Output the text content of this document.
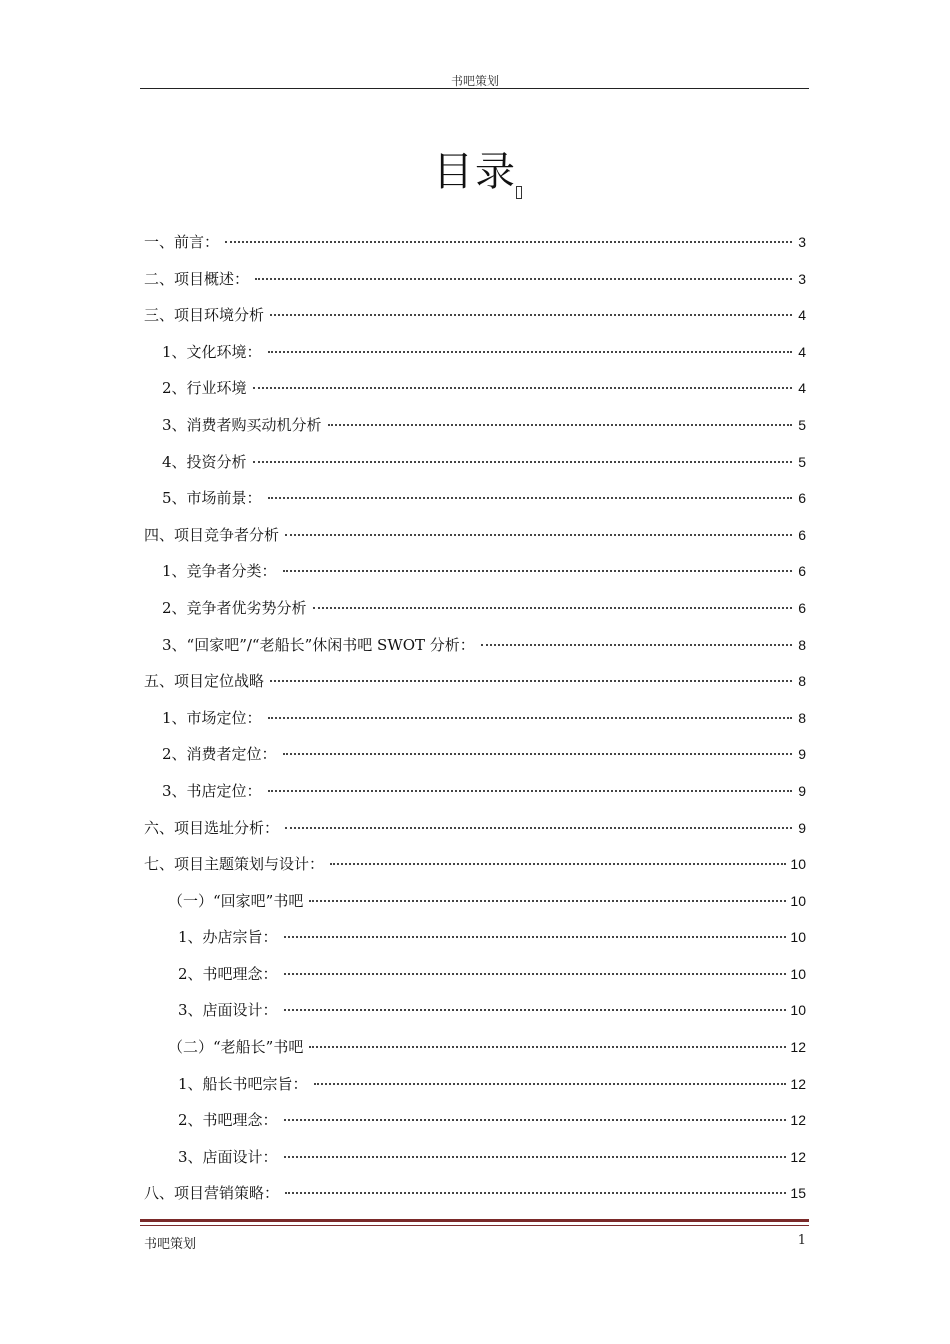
书吧策划
目录
一、前言：	3
二、项目概述：	3
三、项目环境分析	4
1、文化环境：	4
2、行业环境	4
3、消费者购买动机分析	5
4、投资分析	5
5、市场前景：	6
四、项目竞争者分析	6
1、竞争者分类：	6
2、竞争者优劣势分析	6
3、“回家吧”/“老船长”休闲书吧 SWOT 分析：	8
五、项目定位战略	8
1、市场定位：	8
2、消费者定位：	9
3、书店定位：	9
六、项目选址分析：	9
七、项目主题策划与设计：	10
（一）“回家吧”书吧	10
1、办店宗旨：	10
2、书吧理念：	10
3、店面设计：	10
（二）“老船长”书吧	12
1、船长书吧宗旨：	12
2、书吧理念：	12
3、店面设计：	12
八、项目营销策略：	15
书吧策划	1
